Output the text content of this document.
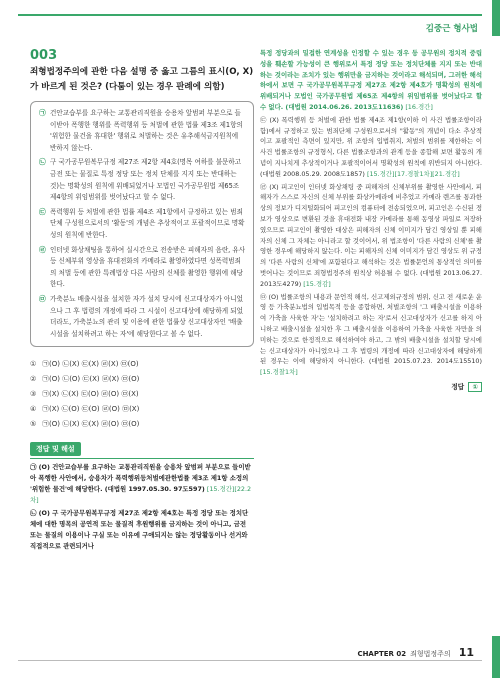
김중근 형사법
003
죄형법정주의에 관한 다음 설명 중 옳고 그름의 표시(O, X)가 바르게 된 것은? (다툼이 있는 경우 판례에 의함)
㉠ 건안교습부를 요구하는 교통관리직원을 승용차 앞범퍼 부분으로 들이받아 폭행한 행위를 폭력행위 등 처벌에 관한 법률 제3조 제1항의 '위험한 물건을 휴대한' 행위로 처벌하는 것은 유추해석금지원칙에 반하지 않는다.
㉡ 구 국가공무원복무규정 제27조 제2항 제4호(명목 여하를 불문하고 금전 또는 물질로 특정 정당 또는 정치 단체를 지지 또는 반대하는 것)는 명확성의 원칙에 위배되었거나 모법인 국가공무원법 제65조 제4항의 위임범위를 벗어났다고 할 수 없다.
㉢ 폭력행위 등 처벌에 관한 법률 제4조 제1항에서 규정하고 있는 범죄단체 구성원으로서의 '활동'의 개념은 추상적이고 포괄적이므로 명확성의 원칙에 반한다.
㉣ 인터넷 화상채팅을 통하여 실시간으로 전송받은 피해자의 음란, 유사 등 신체부위 영상을 휴대전화의 카메라로 촬영하였다면 성폭력범죄의 처벌 등에 관한 특례법상 다른 사람의 신체를 촬영한 행위에 해당한다.
㉤ 가축분뇨 배출시설을 설치한 자가 설치 당시에 신고대상자가 아니었으나 그 후 법령의 개정에 따라 그 시설이 신고대상에 해당하게 되었더라도, 가축분뇨의 관리 및 이용에 관한 법률상 신고대상자인 '배출시설을 설치하려고 하는 자'에 해당한다고 볼 수 없다.
① ㉠(O) ㉡(X) ㉢(X) ㉣(X) ㉤(O)
② ㉠(O) ㉡(O) ㉢(X) ㉣(X) ㉤(O)
③ ㉠(X) ㉡(X) ㉢(O) ㉣(O) ㉤(X)
④ ㉠(X) ㉡(O) ㉢(O) ㉣(O) ㉤(X)
⑤ ㉠(O) ㉡(X) ㉢(X) ㉣(O) ㉤(O)
정답 및 해설
㉠ (O) 건안교습부를 요구하는 교통관리직원을 승용차 앞범퍼 부분으로 들이받아 폭행한 사안에서, 승용차가 폭력행위등처벌에관한법률 제3조 제1항 소정의 '위험한 물건'에 해당한다. (대법원 1997.05.30. 97도597) [15.경간][22.2차]
㉡ (O) 구 국가공무원복무규정 제27조 제2항 제4호는 특정 정당 또는 정치단체에 대한 명목의 공연적 또는 물질적 후원행위를 금지하는 것이 아니고, 금전 또는 물질의 이용이나 구실 또는 이유에 구애되지는 않는 정당활동이나 선거와 직접적으로 관련되거나

특정 정당과의 밀접한 연계성을 인정할 수 있는 경우 등 공무원의 정치적 중립성을 훼손할 가능성이 큰 행위로서 특정 정당 또는 정치단체를 지지 또는 반대하는 것이라는 조치가 있는 행위만을 금지하는 것이라고 해석되며, 그러한 해석 하에서 보면 구 국가공무원복무규정 제27조 제2항 제4호가 명확성의 원칙에 위배되거나 모법인 국가공무원법 제65조 제4항의 위임범위를 벗어났다고 할 수 없다. (대법원 2014.06.26. 2013도11636) [16.경간]

㉢ (X) 폭력행위 등 처벌에 관한 법률 제4조 제1항(이하 이 사건 법률조항이라 함)에서 규정하고 있는 범죄단체 구성원으로서의 "활동"의 개념이 다소 추상적이고 포괄적인 측면이 있지만, 위 조항의 입법취지, 처벌의 범위를 제한하는 이 사건 법률조항의 규정형식, 다른 법률조항과의 관계 등을 종합해 보면 활동의 개념이 지나치게 추상적이거나 포괄적이어서 명확성의 원칙에 위반되지 아니한다. (대법원 2008.05.29. 2008도1857) [15.경간][17.경찰1차][21.경감]

㉣ (X) 피고인이 인터넷 화상채팅 중 피해자의 신체부위를 촬영한 사안에서, 피해자가 스스로 자신의 신체 부위를 화상카메라에 비추었고 카메라 렌즈를 통과한 상의 정보가 디지털화되어 피고인의 컴퓨터에 전송되었으며, 피고인은 수신된 정보가 영상으로 변환된 것을 휴대전화 내장 카메라를 통해 동영상 파일로 저장하였으므로 피고인이 촬영한 대상은 피해자의 신체 이미지가 담긴 영상일 뿐 피해자의 신체 그 자체는 아니라고 할 것이어서, 위 법조항이 '다른 사람의 신체'를 촬영한 경우에 해당하지 않는다. 이는 피해자의 신체 이미지가 담긴 영상도 위 규정의 '다른 사람의 신체'에 포함된다고 해석하는 것은 법률문언의 통상적인 의미를 벗어나는 것이므로 죄형법정주의 원칙상 허용될 수 없다. (대법원 2013.06.27. 2013도4279) [15.경감]

㉤ (O) 법률조항의 내용과 문언적 해석, 신고제외규정의 범위, 신고 전 새로운 운영 등 가축분뇨법의 입법목적 등을 종합하면, 처벌조항의 '그 배출시설을 이용하여 가축을 사육한 자'는 '설치하려고 하는 자'로서 신고대상자가 신고를 하지 아니하고 배출시설을 설치한 후 그 배출시설을 이용하여 가축을 사육한 자만을 의미하는 것으로 한정적으로 해석하여야 하고, 그 밖의 배출시설을 설치할 당시에는 신고대상자가 아니었으나 그 후 법령의 개정에 따라 신고대상자에 해당하게 된 경우는 이에 해당하지 아니한다. (대법원 2015.07.23. 2014도15510) [15.경찰1차]

정답 ①
CHAPTER 02 죄형법정주의 11
